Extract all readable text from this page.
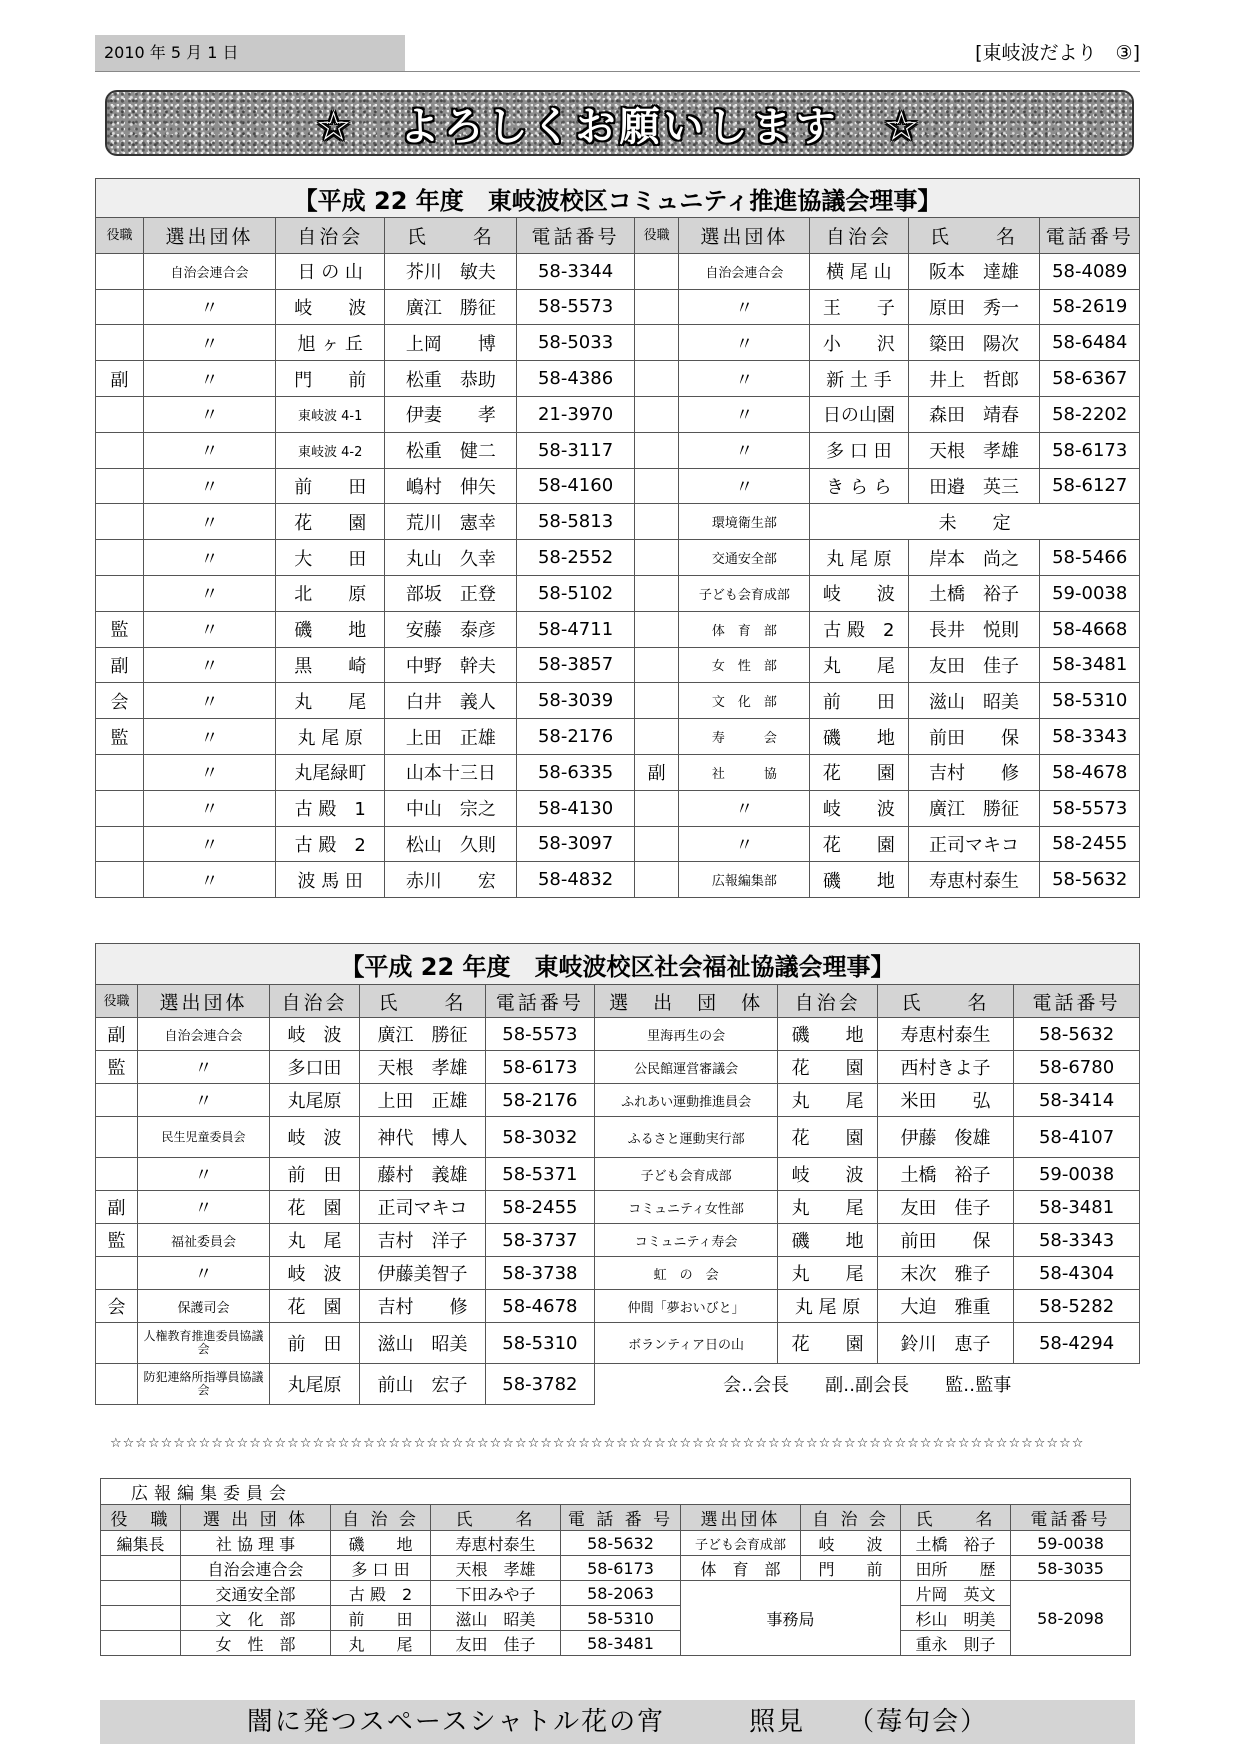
2010 年 5 月 1 日	[東岐波だより　③]
☆　よろしくお願いします　☆
【平成 22 年度　東岐波校区コミュニティ推進協議会理事】									
役職	選出団体	自治会	氏　　名	電話番号	役職	選出団体	自治会	氏　　名	電話番号
	自治会連合会	日 の 山	芥川　敏夫	58-3344		自治会連合会	横 尾 山	阪本　達雄	58-4089
	〃	岐　　波	廣江　勝征	58-5573		〃	王　　子	原田　秀一	58-2619
	〃	旭 ヶ 丘	上岡　　博	58-5033		〃	小　　沢	簗田　陽次	58-6484
副	〃	門　　前	松重　恭助	58-4386		〃	新 土 手	井上　哲郎	58-6367
	〃	東岐波 4-1	伊妻　　孝	21-3970		〃	日の山園	森田　靖春	58-2202
	〃	東岐波 4-2	松重　健二	58-3117		〃	多 口 田	天根　孝雄	58-6173
	〃	前　　田	嶋村　伸矢	58-4160		〃	き ら ら	田邉　英三	58-6127
	〃	花　　園	荒川　憲幸	58-5813		環境衛生部	未　　定		
	〃	大　　田	丸山　久幸	58-2552		交通安全部	丸 尾 原	岸本　尚之	58-5466
	〃	北　　原	部坂　正登	58-5102		子ども会育成部	岐　　波	土橋　裕子	59-0038
監	〃	磯　　地	安藤　泰彦	58-4711		体　育　部	古 殿　2	長井　悦則	58-4668
副	〃	黒　　崎	中野　幹夫	58-3857		女　性　部	丸　　尾	友田　佳子	58-3481
会	〃	丸　　尾	白井　義人	58-3039		文　化　部	前　　田	滋山　昭美	58-5310
監	〃	丸 尾 原	上田　正雄	58-2176		寿　　　会	磯　　地	前田　　保	58-3343
	〃	丸尾緑町	山本十三日	58-6335	副	社　　　協	花　　園	吉村　　修	58-4678
	〃	古 殿　1	中山　宗之	58-4130		〃	岐　　波	廣江　勝征	58-5573
	〃	古 殿　2	松山　久則	58-3097		〃	花　　園	正司マキコ	58-2455
	〃	波 馬 田	赤川　　宏	58-4832		広報編集部	磯　　地	寿恵村泰生	58-5632
【平成 22 年度　東岐波校区社会福祉協議会理事】								
役職	選出団体	自治会	氏　　名	電話番号	選　出　団　体	自治会	氏　　名	電話番号
副	自治会連合会	岐　波	廣江　勝征	58-5573	里海再生の会	磯　　地	寿恵村泰生	58-5632
監	〃	多口田	天根　孝雄	58-6173	公民館運営審議会	花　　園	西村きよ子	58-6780
	〃	丸尾原	上田　正雄	58-2176	ふれあい運動推進員会	丸　　尾	米田　　弘	58-3414
	民生児童委員会	岐　波	神代　博人	58-3032	ふるさと運動実行部	花　　園	伊藤　俊雄	58-4107
	〃	前　田	藤村　義雄	58-5371	子ども会育成部	岐　　波	土橋　裕子	59-0038
副	〃	花　園	正司マキコ	58-2455	コミュニティ女性部	丸　　尾	友田　佳子	58-3481
監	福祉委員会	丸　尾	吉村　洋子	58-3737	コミュニティ寿会	磯　　地	前田　　保	58-3343
	〃	岐　波	伊藤美智子	58-3738	虹　の　会	丸　　尾	末次　雅子	58-4304
会	保護司会	花　園	吉村　　修	58-4678	仲間「夢おいびと」	丸 尾 原	大迫　雅重	58-5282
	人権教育推進委員協議会	前　田	滋山　昭美	58-5310	ボランティア日の山	花　　園	鈴川　恵子	58-4294
	防犯連絡所指導員協議会	丸尾原	前山　宏子	58-3782	会‥会長　　副‥副会長　　監‥監事			
☆☆☆☆☆☆☆☆☆☆☆☆☆☆☆☆☆☆☆☆☆☆☆☆☆☆☆☆☆☆☆☆☆☆☆☆☆☆☆☆☆☆☆☆☆☆☆☆☆☆☆☆☆☆☆☆☆☆☆☆☆☆☆☆☆☆☆☆☆☆☆☆☆☆☆☆☆
広報編集委員会								
役　職	選 出 団 体	自 治 会	氏　　名	電 話 番 号	選出団体	自 治 会	氏　　名	電話番号
編集長	社 協 理 事	磯　　地	寿恵村泰生	58-5632	子ども会育成部	岐　　波	土橋　裕子	59-0038
	自治会連合会	多 口 田	天根　孝雄	58-6173	体　育　部	門　　前	田所　　歴	58-3035
	交通安全部	古 殿　2	下田みや子	58-2063	事務局		片岡　英文	58-2098
	文　化　部	前　　田	滋山　昭美	58-5310			杉山　明美	
	女　性　部	丸　　尾	友田　佳子	58-3481			重永　則子	
闇に発つスペースシャトル花の宵　　　照見　　（莓句会）
